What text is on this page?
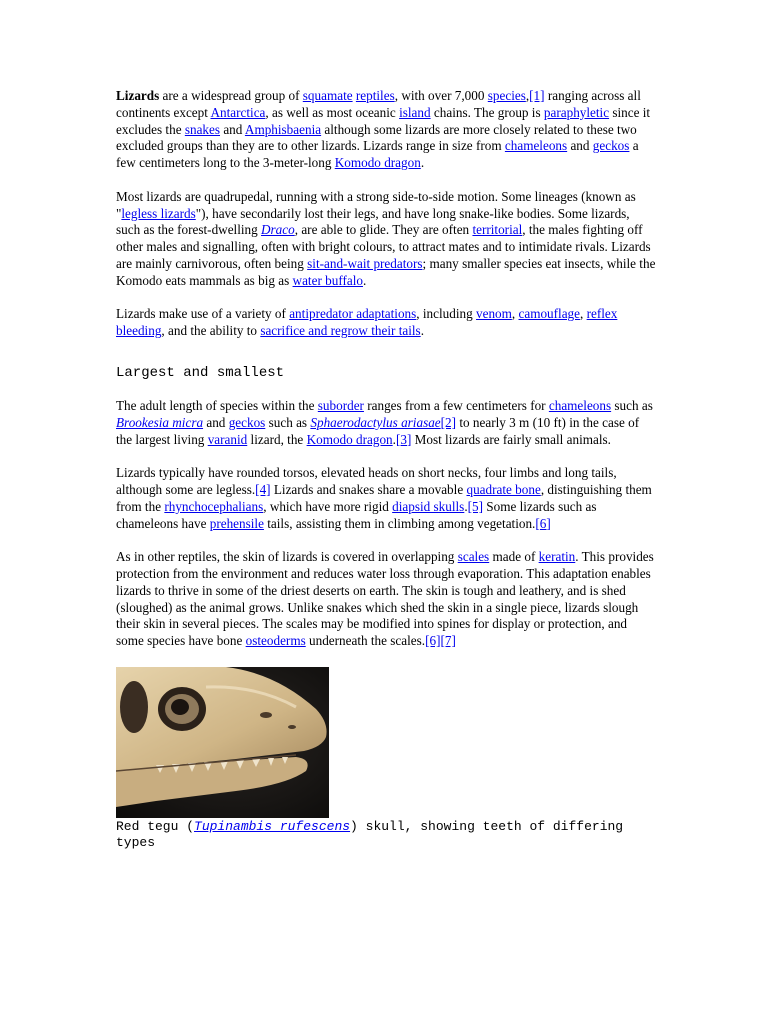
Lizards are a widespread group of squamate reptiles, with over 7,000 species,[1] ranging across all continents except Antarctica, as well as most oceanic island chains. The group is paraphyletic since it excludes the snakes and Amphisbaenia although some lizards are more closely related to these two excluded groups than they are to other lizards. Lizards range in size from chameleons and geckos a few centimeters long to the 3-meter-long Komodo dragon.

Most lizards are quadrupedal, running with a strong side-to-side motion. Some lineages (known as "legless lizards"), have secondarily lost their legs, and have long snake-like bodies. Some lizards, such as the forest-dwelling Draco, are able to glide. They are often territorial, the males fighting off other males and signalling, often with bright colours, to attract mates and to intimidate rivals. Lizards are mainly carnivorous, often being sit-and-wait predators; many smaller species eat insects, while the Komodo eats mammals as big as water buffalo.

Lizards make use of a variety of antipredator adaptations, including venom, camouflage, reflex bleeding, and the ability to sacrifice and regrow their tails.

Largest and smallest

The adult length of species within the suborder ranges from a few centimeters for chameleons such as Brookesia micra and geckos such as Sphaerodactylus ariasae[2] to nearly 3 m (10 ft) in the case of the largest living varanid lizard, the Komodo dragon.[3] Most lizards are fairly small animals.

Lizards typically have rounded torsos, elevated heads on short necks, four limbs and long tails, although some are legless.[4] Lizards and snakes share a movable quadrate bone, distinguishing them from the rhynchocephalians, which have more rigid diapsid skulls.[5] Some lizards such as chameleons have prehensile tails, assisting them in climbing among vegetation.[6]

As in other reptiles, the skin of lizards is covered in overlapping scales made of keratin. This provides protection from the environment and reduces water loss through evaporation. This adaptation enables lizards to thrive in some of the driest deserts on earth. The skin is tough and leathery, and is shed (sloughed) as the animal grows. Unlike snakes which shed the skin in a single piece, lizards slough their skin in several pieces. The scales may be modified into spines for display or protection, and some species have bone osteoderms underneath the scales.[6][7]

Red tegu (Tupinambis rufescens) skull, showing teeth of differing types
